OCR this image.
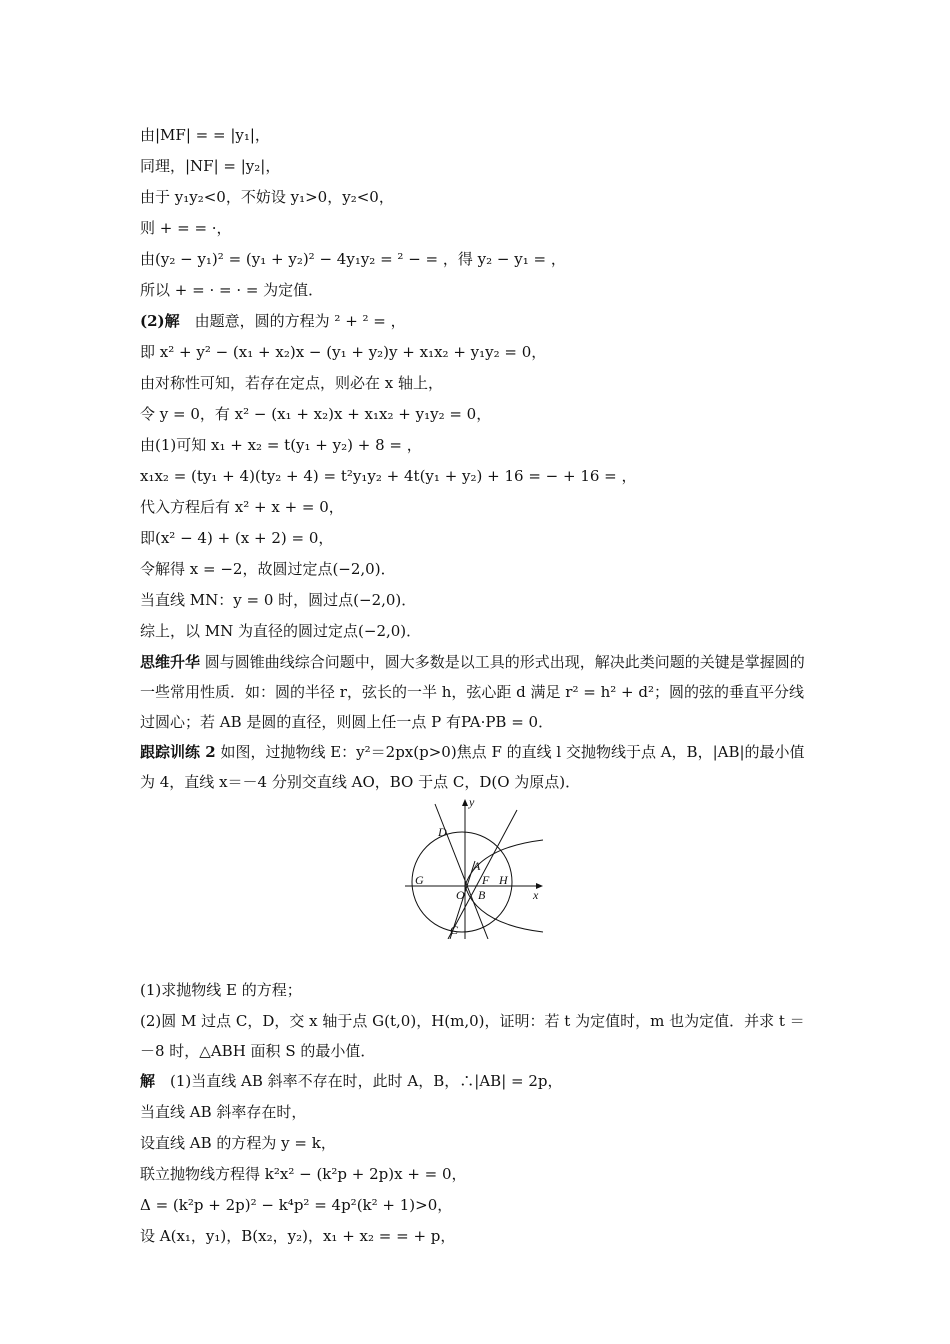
由|MF| = = |y₁|，
同理，|NF| = |y₂|，
由于 y₁y₂<0，不妨设 y₁>0，y₂<0，
则 + = = ·，
由(y₂ − y₁)² = (y₁ + y₂)² − 4y₁y₂ = ² − = ，得 y₂ − y₁ = ，
所以 + = · = · = 为定值．
(2)解　由题意，圆的方程为 ² + ² = ，
即 x² + y² − (x₁ + x₂)x − (y₁ + y₂)y + x₁x₂ + y₁y₂ = 0，
由对称性可知，若存在定点，则必在 x 轴上，
令 y = 0，有 x² − (x₁ + x₂)x + x₁x₂ + y₁y₂ = 0，
由(1)可知 x₁ + x₂ = t(y₁ + y₂) + 8 = ，
x₁x₂ = (ty₁ + 4)(ty₂ + 4) = t²y₁y₂ + 4t(y₁ + y₂) + 16 = − + 16 = ，
代入方程后有 x² + x + = 0，
即(x² − 4) + (x + 2) = 0，
令解得 x = −2，故圆过定点(−2,0)．
当直线 MN：y = 0 时，圆过点(−2,0)．
综上，以 MN 为直径的圆过定点(−2,0)．
思维升华 圆与圆锥曲线综合问题中，圆大多数是以工具的形式出现，解决此类问题的关键是掌握圆的一些常用性质．如：圆的半径 r，弦长的一半 h，弦心距 d 满足 r² = h² + d²；圆的弦的垂直平分线过圆心；若 AB 是圆的直径，则圆上任一点 P 有PA·PB = 0．
跟踪训练 2 如图，过抛物线 E：y²＝2px(p>0)焦点 F 的直线 l 交抛物线于点 A，B，|AB|的最小值为 4，直线 x＝－4 分别交直线 AO，BO 于点 C，D(O 为原点)．
(1)求抛物线 E 的方程；
(2)圆 M 过点 C，D，交 x 轴于点 G(t,0)，H(m,0)，证明：若 t 为定值时，m 也为定值．并求 t ＝－8 时，△ABH 面积 S 的最小值．
解　(1)当直线 AB 斜率不存在时，此时 A，B，∴|AB| = 2p，
当直线 AB 斜率存在时，
设直线 AB 的方程为 y = k，
联立抛物线方程得 k²x² − (k²p + 2p)x + = 0，
Δ = (k²p + 2p)² − k⁴p² = 4p²(k² + 1)>0，
设 A(x₁，y₁)，B(x₂，y₂)，x₁ + x₂ = = + p，
y
x
D
A
F H
G
O B
C
